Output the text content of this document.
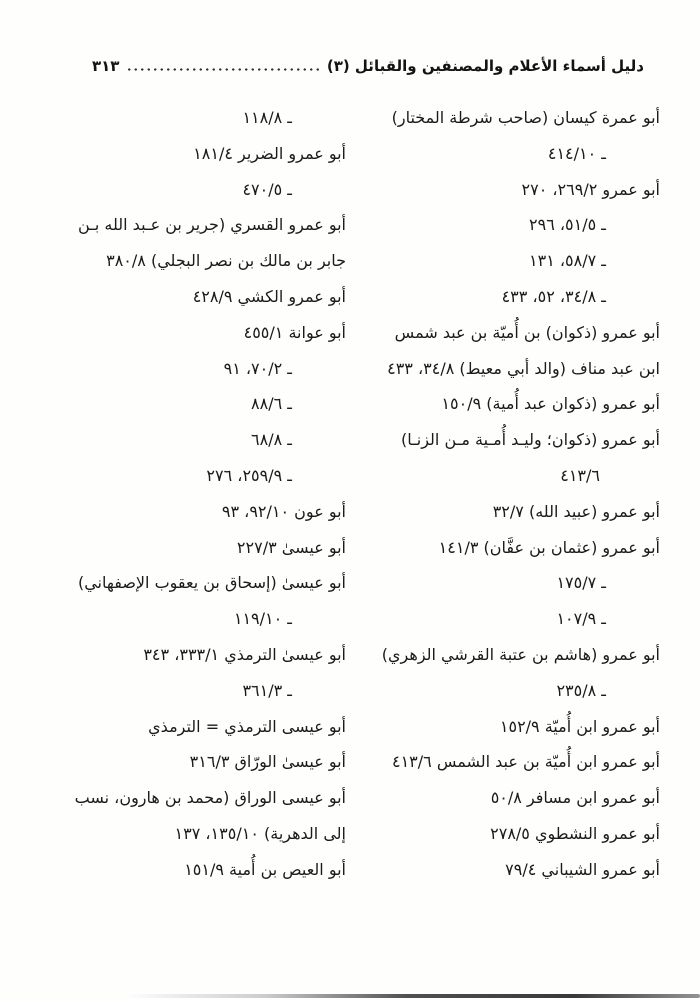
دليل أسماء الأعلام والمصنفين والقبائل (٣)
٣١٣
أبو عمرة كيسان (صاحب شرطة المختار)
ـ ٤١٤/١٠
أبو عمرو ٢٦٩/٢، ٢٧٠
ـ ٥١/٥، ٢٩٦
ـ ٥٨/٧، ١٣١
ـ ٣٤/٨، ٥٢، ٤٣٣
أبو عمرو (ذكوان) بن أُميّة بن عبد شمس
ابن عبد مناف (والد أبي معيط) ٣٤/٨، ٤٣٣
أبو عمرو (ذكوان عبد أُمية) ١٥٠/٩
أبو عمرو (ذكوان؛ وليـد أُمـية مـن الزنـا)
٤١٣/٦
أبو عمرو (عبيد الله) ٣٢/٧
أبو عمرو (عثمان بن عفَّان) ١٤١/٣
ـ ١٧٥/٧
ـ ١٠٧/٩
أبو عمرو (هاشم بن عتبة القرشي الزهري)
ـ ٢٣٥/٨
أبو عمرو ابن أُميّة ١٥٢/٩
أبو عمرو ابن أُميّة بن عبد الشمس ٤١٣/٦
أبو عمرو ابن مسافر ٥٠/٨
أبو عمرو النشطوي ٢٧٨/٥
أبو عمرو الشيباني ٧٩/٤
ـ ١١٨/٨
أبو عمرو الضرير ١٨١/٤
ـ ٤٧٠/٥
أبو عمرو القسري (جرير بن عـبد الله بـن
جابر بن مالك بن نصر البجلي) ٣٨٠/٨
أبو عمرو الكشي ٤٢٨/٩
أبو عوانة ٤٥٥/١
ـ ٧٠/٢، ٩١
ـ ٨٨/٦
ـ ٦٨/٨
ـ ٢٥٩/٩، ٢٧٦
أبو عون ٩٢/١٠، ٩٣
أبو عيسىٰ ٢٢٧/٣
أبو عيسىٰ (إسحاق بن يعقوب الإصفهاني)
ـ ١١٩/١٠
أبو عيسىٰ الترمذي ٣٣٣/١، ٣٤٣
ـ ٣٦١/٣
أبو عيسى الترمذي = الترمذي
أبو عيسىٰ الورّاق ٣١٦/٣
أبو عيسى الوراق (محمد بن هارون، نسب
إلى الدهرية) ١٣٥/١٠، ١٣٧
أبو العيص بن أُمية ١٥١/٩
